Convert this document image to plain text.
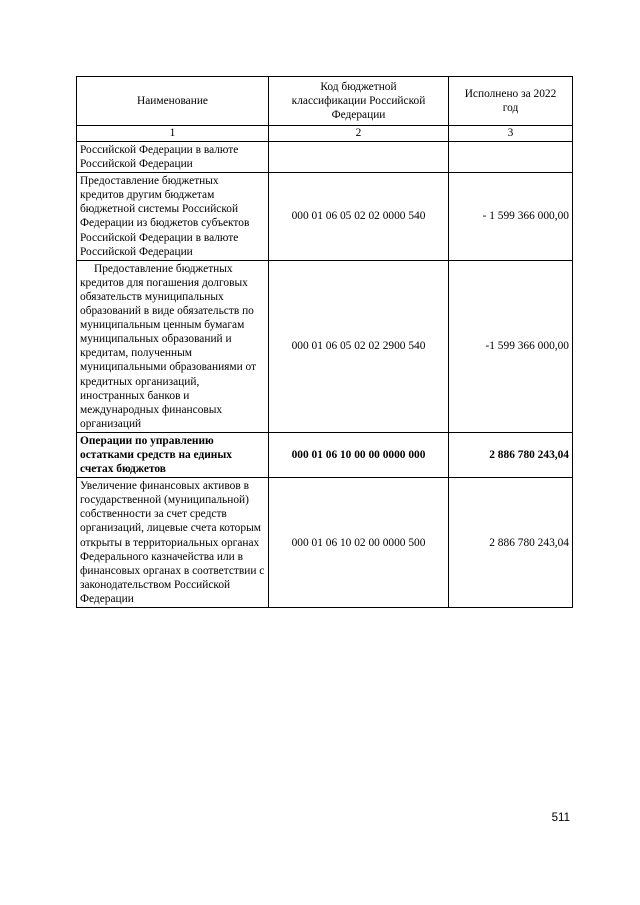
Наименование	Код бюджетной классификации Российской Федерации	Исполнено за 2022 год
1	2	3
Российской Федерации в валюте Российской Федерации		
Предоставление бюджетных кредитов другим бюджетам бюджетной системы Российской Федерации из бюджетов субъектов Российской Федерации в валюте Российской Федерации	000 01 06 05 02 02 0000 540	- 1 599 366 000,00
Предоставление бюджетных кредитов для погашения долговых обязательств муниципальных образований в виде обязательств по муниципальным ценным бумагам муниципальных образований и кредитам, полученным муниципальными образованиями от кредитных организаций, иностранных банков и международных финансовых организаций	000 01 06 05 02 02 2900 540	-1 599 366 000,00
Операции по управлению остатками средств на единых счетах бюджетов	000 01 06 10 00 00 0000 000	2 886 780 243,04
Увеличение финансовых активов в государственной (муниципальной) собственности за счет средств организаций, лицевые счета которым открыты в территориальных органах Федерального казначейства или в финансовых органах в соответствии с законодательством Российской Федерации	000 01 06 10 02 00 0000 500	2 886 780 243,04
511
